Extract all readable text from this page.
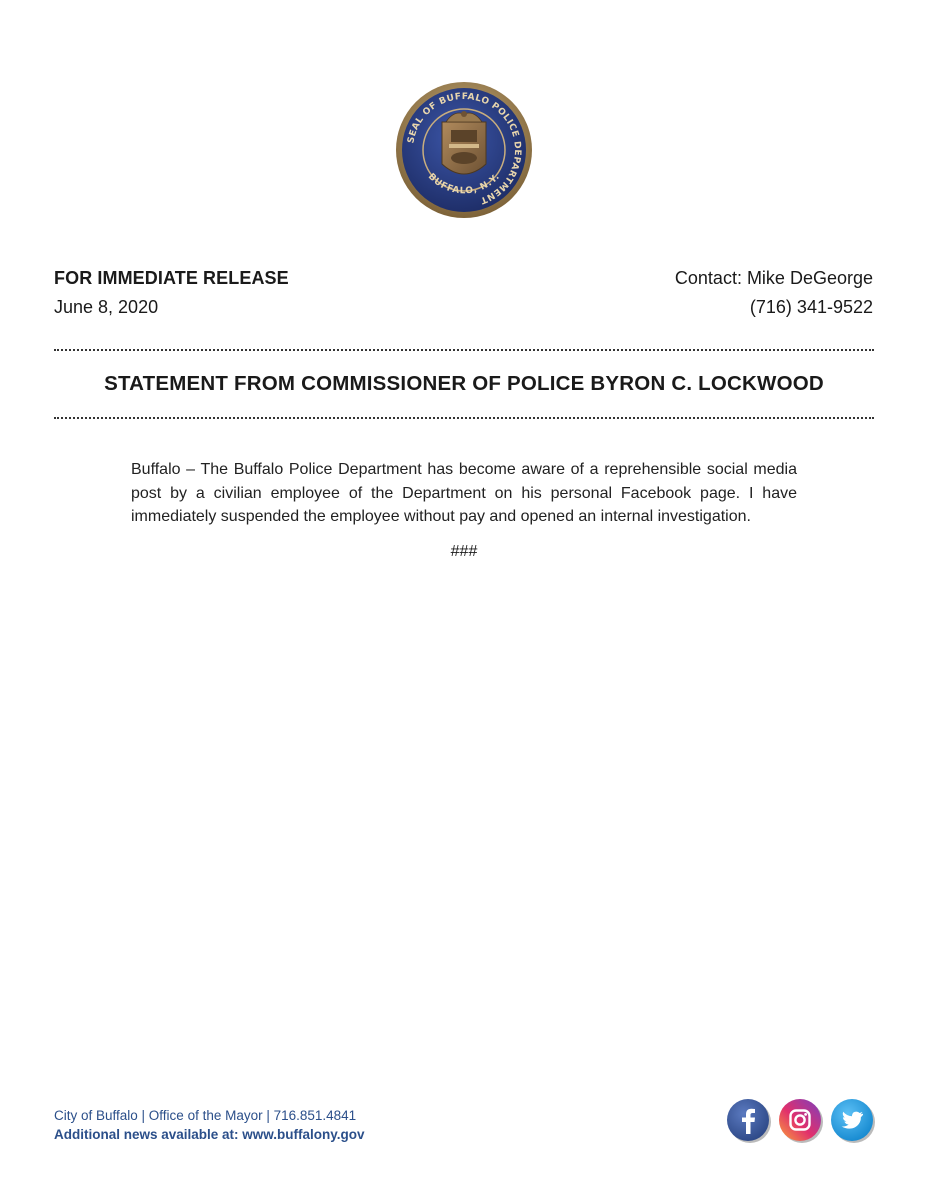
SEAL OF BUFFALO POLICE DEPARTMENT
BUFFALO, N.Y.
FOR IMMEDIATE RELEASE
June 8, 2020
Contact: Mike DeGeorge
(716) 341-9522
STATEMENT FROM COMMISSIONER OF POLICE BYRON C. LOCKWOOD
Buffalo – The Buffalo Police Department has become aware of a reprehensible social media post by a civilian employee of the Department on his personal Facebook page. I have immediately suspended the employee without pay and opened an internal investigation.
###
City of Buffalo | Office of the Mayor | 716.851.4841
Additional news available at: www.buffalony.gov
